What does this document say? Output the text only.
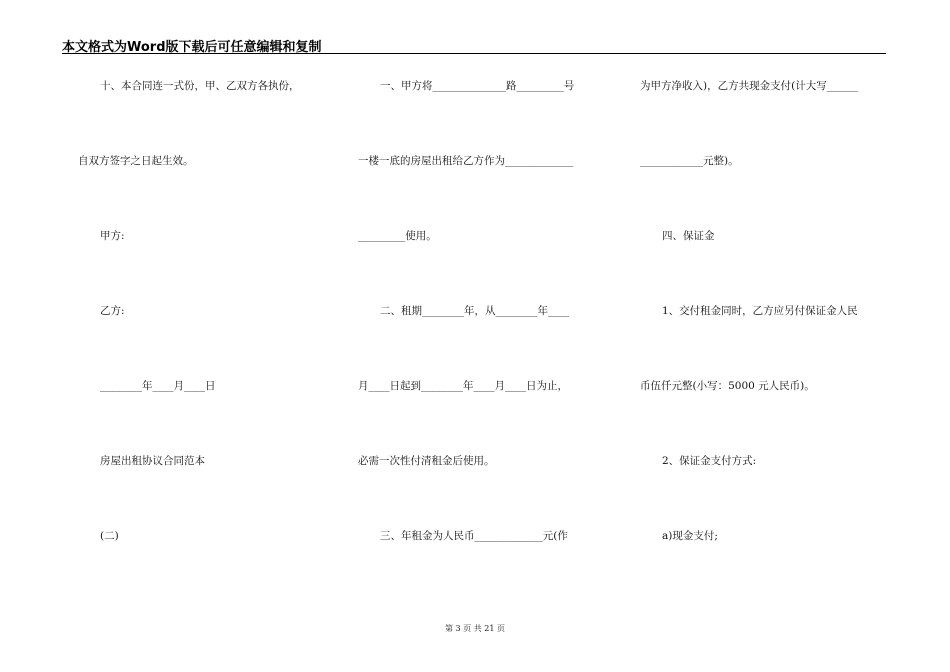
本文格式为Word版下载后可任意编辑和复制
十、本合同连一式份，甲、乙双方各执份，
自双方签字之日起生效。
甲方:
乙方:
________年____月____日
房屋出租协议合同范本
(二)
一、甲方将______________路_________号
一楼一底的房屋出租给乙方作为_____________
_________使用。
二、租期________年，从________年____
月____日起到________年____月____日为止，
必需一次性付清租金后使用。
三、年租金为人民币_____________元(作
为甲方净收入)，乙方共现金支付(计大写______
____________元整)。
四、保证金
1、交付租金同时，乙方应另付保证金人民
币伍仟元整(小写：5000 元人民币)。
2、保证金支付方式:
a)现金支付;
第 3 页 共 21 页
